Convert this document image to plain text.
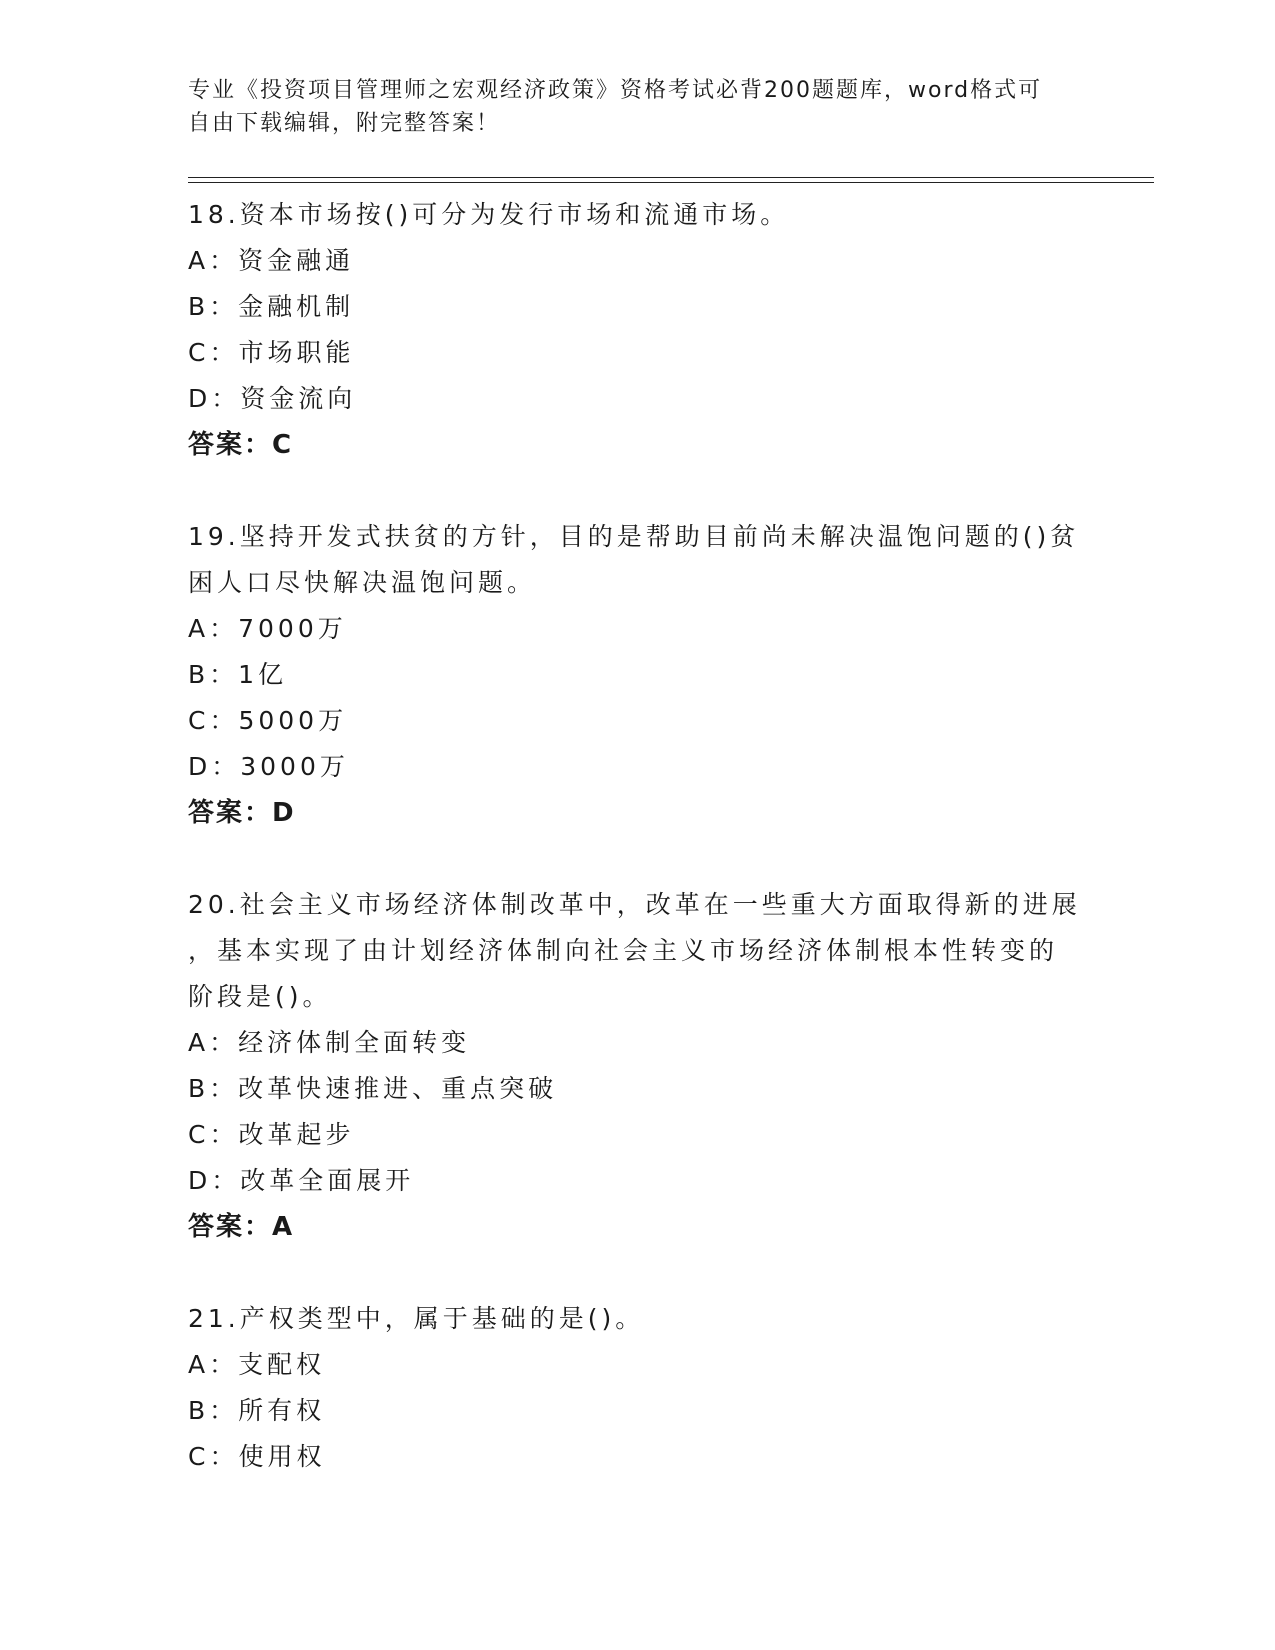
专业《投资项目管理师之宏观经济政策》资格考试必背200题题库，word格式可
自由下载编辑，附完整答案！
18.资本市场按()可分为发行市场和流通市场。
A：资金融通
B：金融机制
C：市场职能
D：资金流向
答案：C
19.坚持开发式扶贫的方针，目的是帮助目前尚未解决温饱问题的()贫
困人口尽快解决温饱问题。
A：7000万
B：1亿
C：5000万
D：3000万
答案：D
20.社会主义市场经济体制改革中，改革在一些重大方面取得新的进展
，基本实现了由计划经济体制向社会主义市场经济体制根本性转变的
阶段是()。
A：经济体制全面转变
B：改革快速推进、重点突破
C：改革起步
D：改革全面展开
答案：A
21.产权类型中，属于基础的是()。
A：支配权
B：所有权
C：使用权
